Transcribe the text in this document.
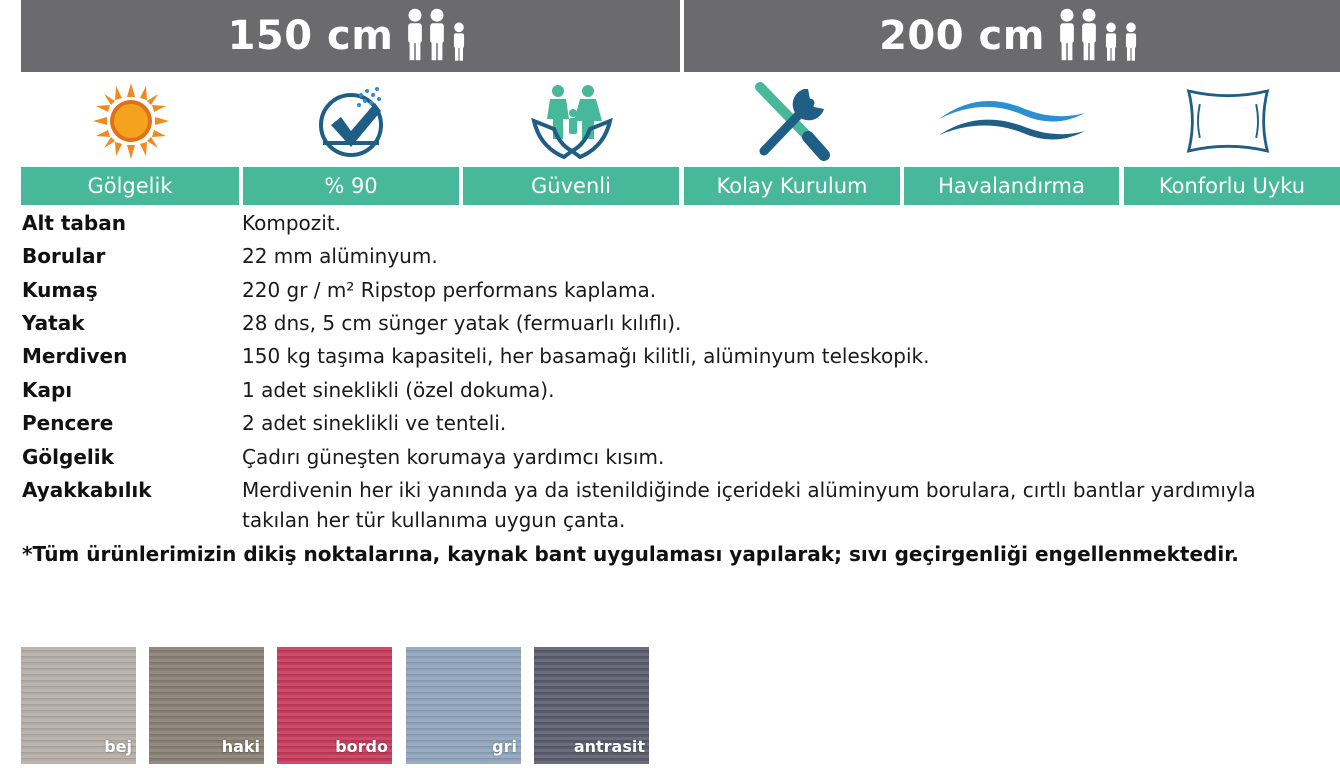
150 cm	200 cm
Gölgelik	% 90	Güvenli	Kolay Kurulum	Havalandırma	Konforlu Uyku
Alt taban	Kompozit.
Borular	22 mm alüminyum.
Kumaş	220 gr / m² Ripstop performans kaplama.
Yatak	28 dns, 5 cm sünger yatak (fermuarlı kılıflı).
Merdiven	150 kg taşıma kapasiteli, her basamağı kilitli, alüminyum teleskopik.
Kapı	1 adet sineklikli (özel dokuma).
Pencere	2 adet sineklikli ve tenteli.
Gölgelik	Çadırı güneşten korumaya yardımcı kısım.
Ayakkabılık	Merdivenin her iki yanında ya da istenildiğinde içerideki alüminyum borulara, cırtlı bantlar yardımıyla takılan her tür kullanıma uygun çanta.
*Tüm ürünlerimizin dikiş noktalarına, kaynak bant uygulaması yapılarak; sıvı geçirgenliği engellenmektedir.
bej	haki	bordo	gri	antrasit
